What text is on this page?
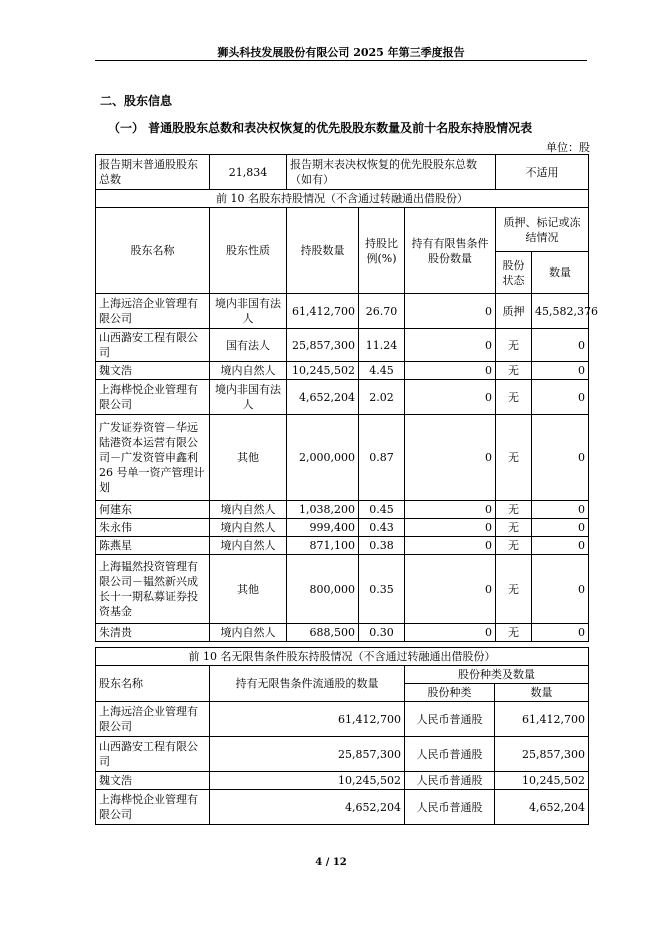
狮头科技发展股份有限公司 2025 年第三季度报告
二、股东信息
（一） 普通股股东总数和表决权恢复的优先股股东数量及前十名股东持股情况表
单位：股
报告期末普通股股东总数	21,834	报告期末表决权恢复的优先股股东总数（如有）			不适用	
前 10 名股东持股情况（不含通过转融通出借股份）						
股东名称	股东性质	持股数量	持股比例(%)	持有有限售条件股份数量	质押、标记或冻结情况	
					股份状态	数量
上海远涪企业管理有限公司	境内非国有法人	61,412,700	26.70	0	质押	45,582,376
山西潞安工程有限公司	国有法人	25,857,300	11.24	0	无	0
魏文浩	境内自然人	10,245,502	4.45	0	无	0
上海桦悦企业管理有限公司	境内非国有法人	4,652,204	2.02	0	无	0
广发证券资管－华远陆港资本运营有限公司－广发资管申鑫利 26 号单一资产管理计划	其他	2,000,000	0.87	0	无	0
何建东	境内自然人	1,038,200	0.45	0	无	0
朱永伟	境内自然人	999,400	0.43	0	无	0
陈燕星	境内自然人	871,100	0.38	0	无	0
上海韫然投资管理有限公司－韫然新兴成长十一期私募证券投资基金	其他	800,000	0.35	0	无	0
朱清贵	境内自然人	688,500	0.30	0	无	0
前 10 名无限售条件股东持股情况（不含通过转融通出借股份）			
股东名称	持有无限售条件流通股的数量	股份种类及数量	
		股份种类	数量
上海远涪企业管理有限公司	61,412,700	人民币普通股	61,412,700
山西潞安工程有限公司	25,857,300	人民币普通股	25,857,300
魏文浩	10,245,502	人民币普通股	10,245,502
上海桦悦企业管理有限公司	4,652,204	人民币普通股	4,652,204
4 / 12
